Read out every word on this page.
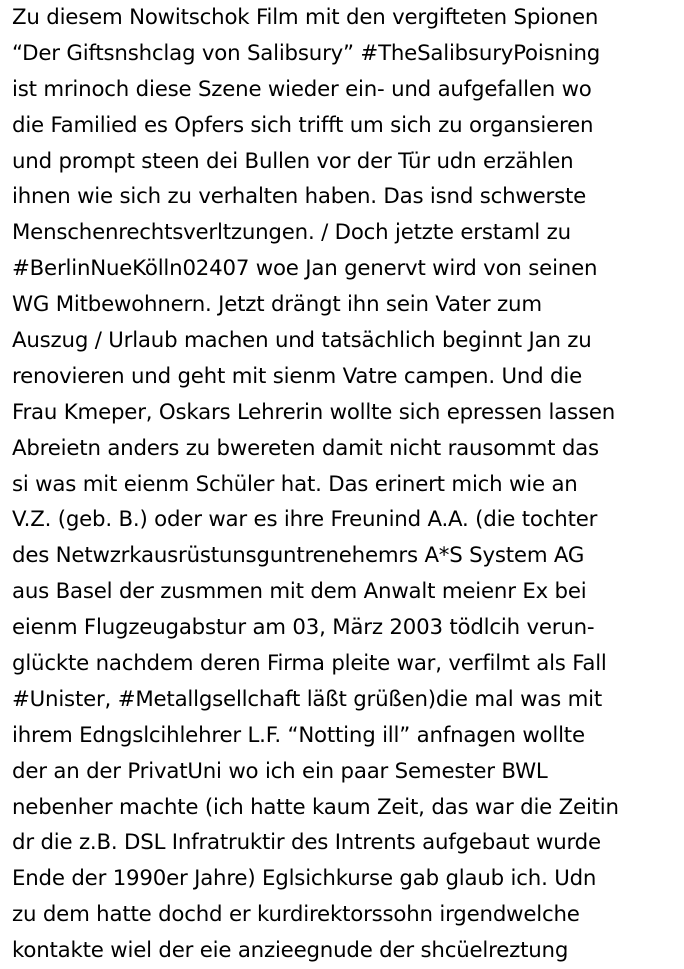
Zu diesem Nowitschok Film mit den vergifteten Spionen
“Der Giftsnshclag von Salibsury” #TheSalibsuryPoisning
ist mrinoch diese Szene wieder ein- und aufgefallen wo
die Familied es Opfers sich trifft um sich zu organsieren
und prompt steen dei Bullen vor der Tür udn erzählen
ihnen wie sich zu verhalten haben. Das isnd schwerste
Menschenrechtsverltzungen. / Doch jetzte erstaml zu
#BerlinNueKölln02407 woe Jan genervt wird von seinen
WG Mitbewohnern. Jetzt drängt ihn sein Vater zum
Auszug / Urlaub machen und tatsächlich beginnt Jan zu
renovieren und geht mit sienm Vatre campen. Und die
Frau Kmeper, Oskars Lehrerin wollte sich epressen lassen
Abreietn anders zu bwereten damit nicht rausommt das
si was mit eienm Schüler hat. Das erinert mich wie an
V.Z. (geb. B.) oder war es ihre Freunind A.A. (die tochter
des Netwzrkausrüstunsguntrenehemrs A*S System AG
aus Basel der zusmmen mit dem Anwalt meienr Ex bei
eienm Flugzeugabstur am 03, März 2003 tödlcih verun-
glückte nachdem deren Firma pleite war, verfilmt als Fall
#Unister, #Metallgsellchaft läßt grüßen)die mal was mit
ihrem Edngslcihlehrer L.F. “Notting ill” anfnagen wollte
der an der PrivatUni wo ich ein paar Semester BWL
nebenher machte (ich hatte kaum Zeit, das war die Zeitin
dr die z.B. DSL Infratruktir des Intrents aufgebaut wurde
Ende der 1990er Jahre) Eglsichkurse gab glaub ich. Udn
zu dem hatte dochd er kurdirektorssohn irgendwelche
kontakte wiel der eie anzieegnude der shcüelreztung
